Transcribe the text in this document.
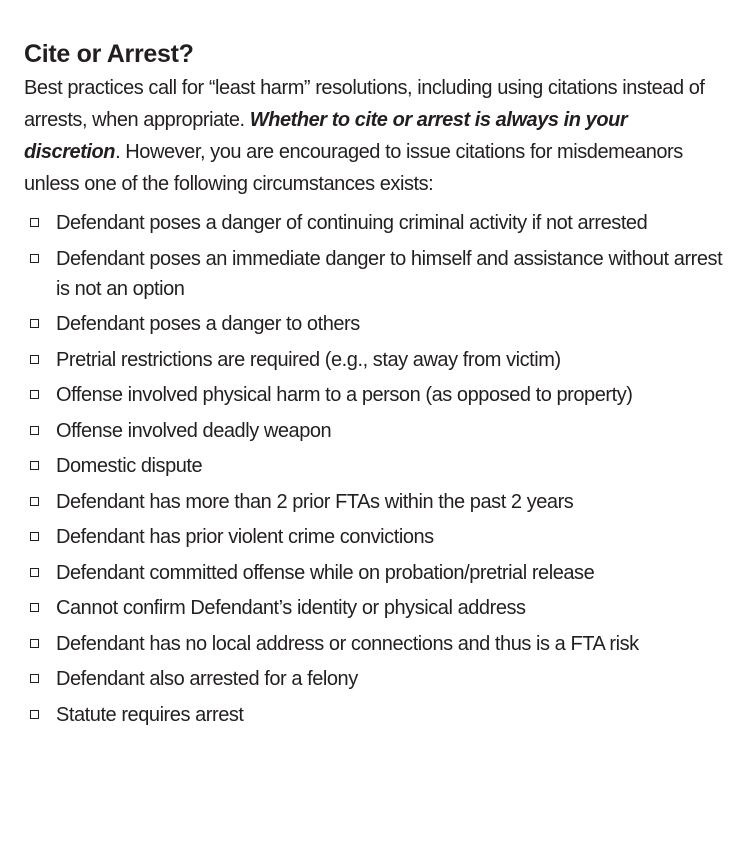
Cite or Arrest?

Best practices call for “least harm” resolutions, including using citations instead of arrests, when appropriate. Whether to cite or arrest is always in your discretion. However, you are encouraged to issue citations for misdemeanors unless one of the following circumstances exists:

Defendant poses a danger of continuing criminal activity if not arrested
Defendant poses an immediate danger to himself and assistance without arrest is not an option
Defendant poses a danger to others
Pretrial restrictions are required (e.g., stay away from victim)
Offense involved physical harm to a person (as opposed to property)
Offense involved deadly weapon
Domestic dispute
Defendant has more than 2 prior FTAs within the past 2 years
Defendant has prior violent crime convictions
Defendant committed offense while on probation/pretrial release
Cannot confirm Defendant’s identity or physical address
Defendant has no local address or connections and thus is a FTA risk
Defendant also arrested for a felony
Statute requires arrest
